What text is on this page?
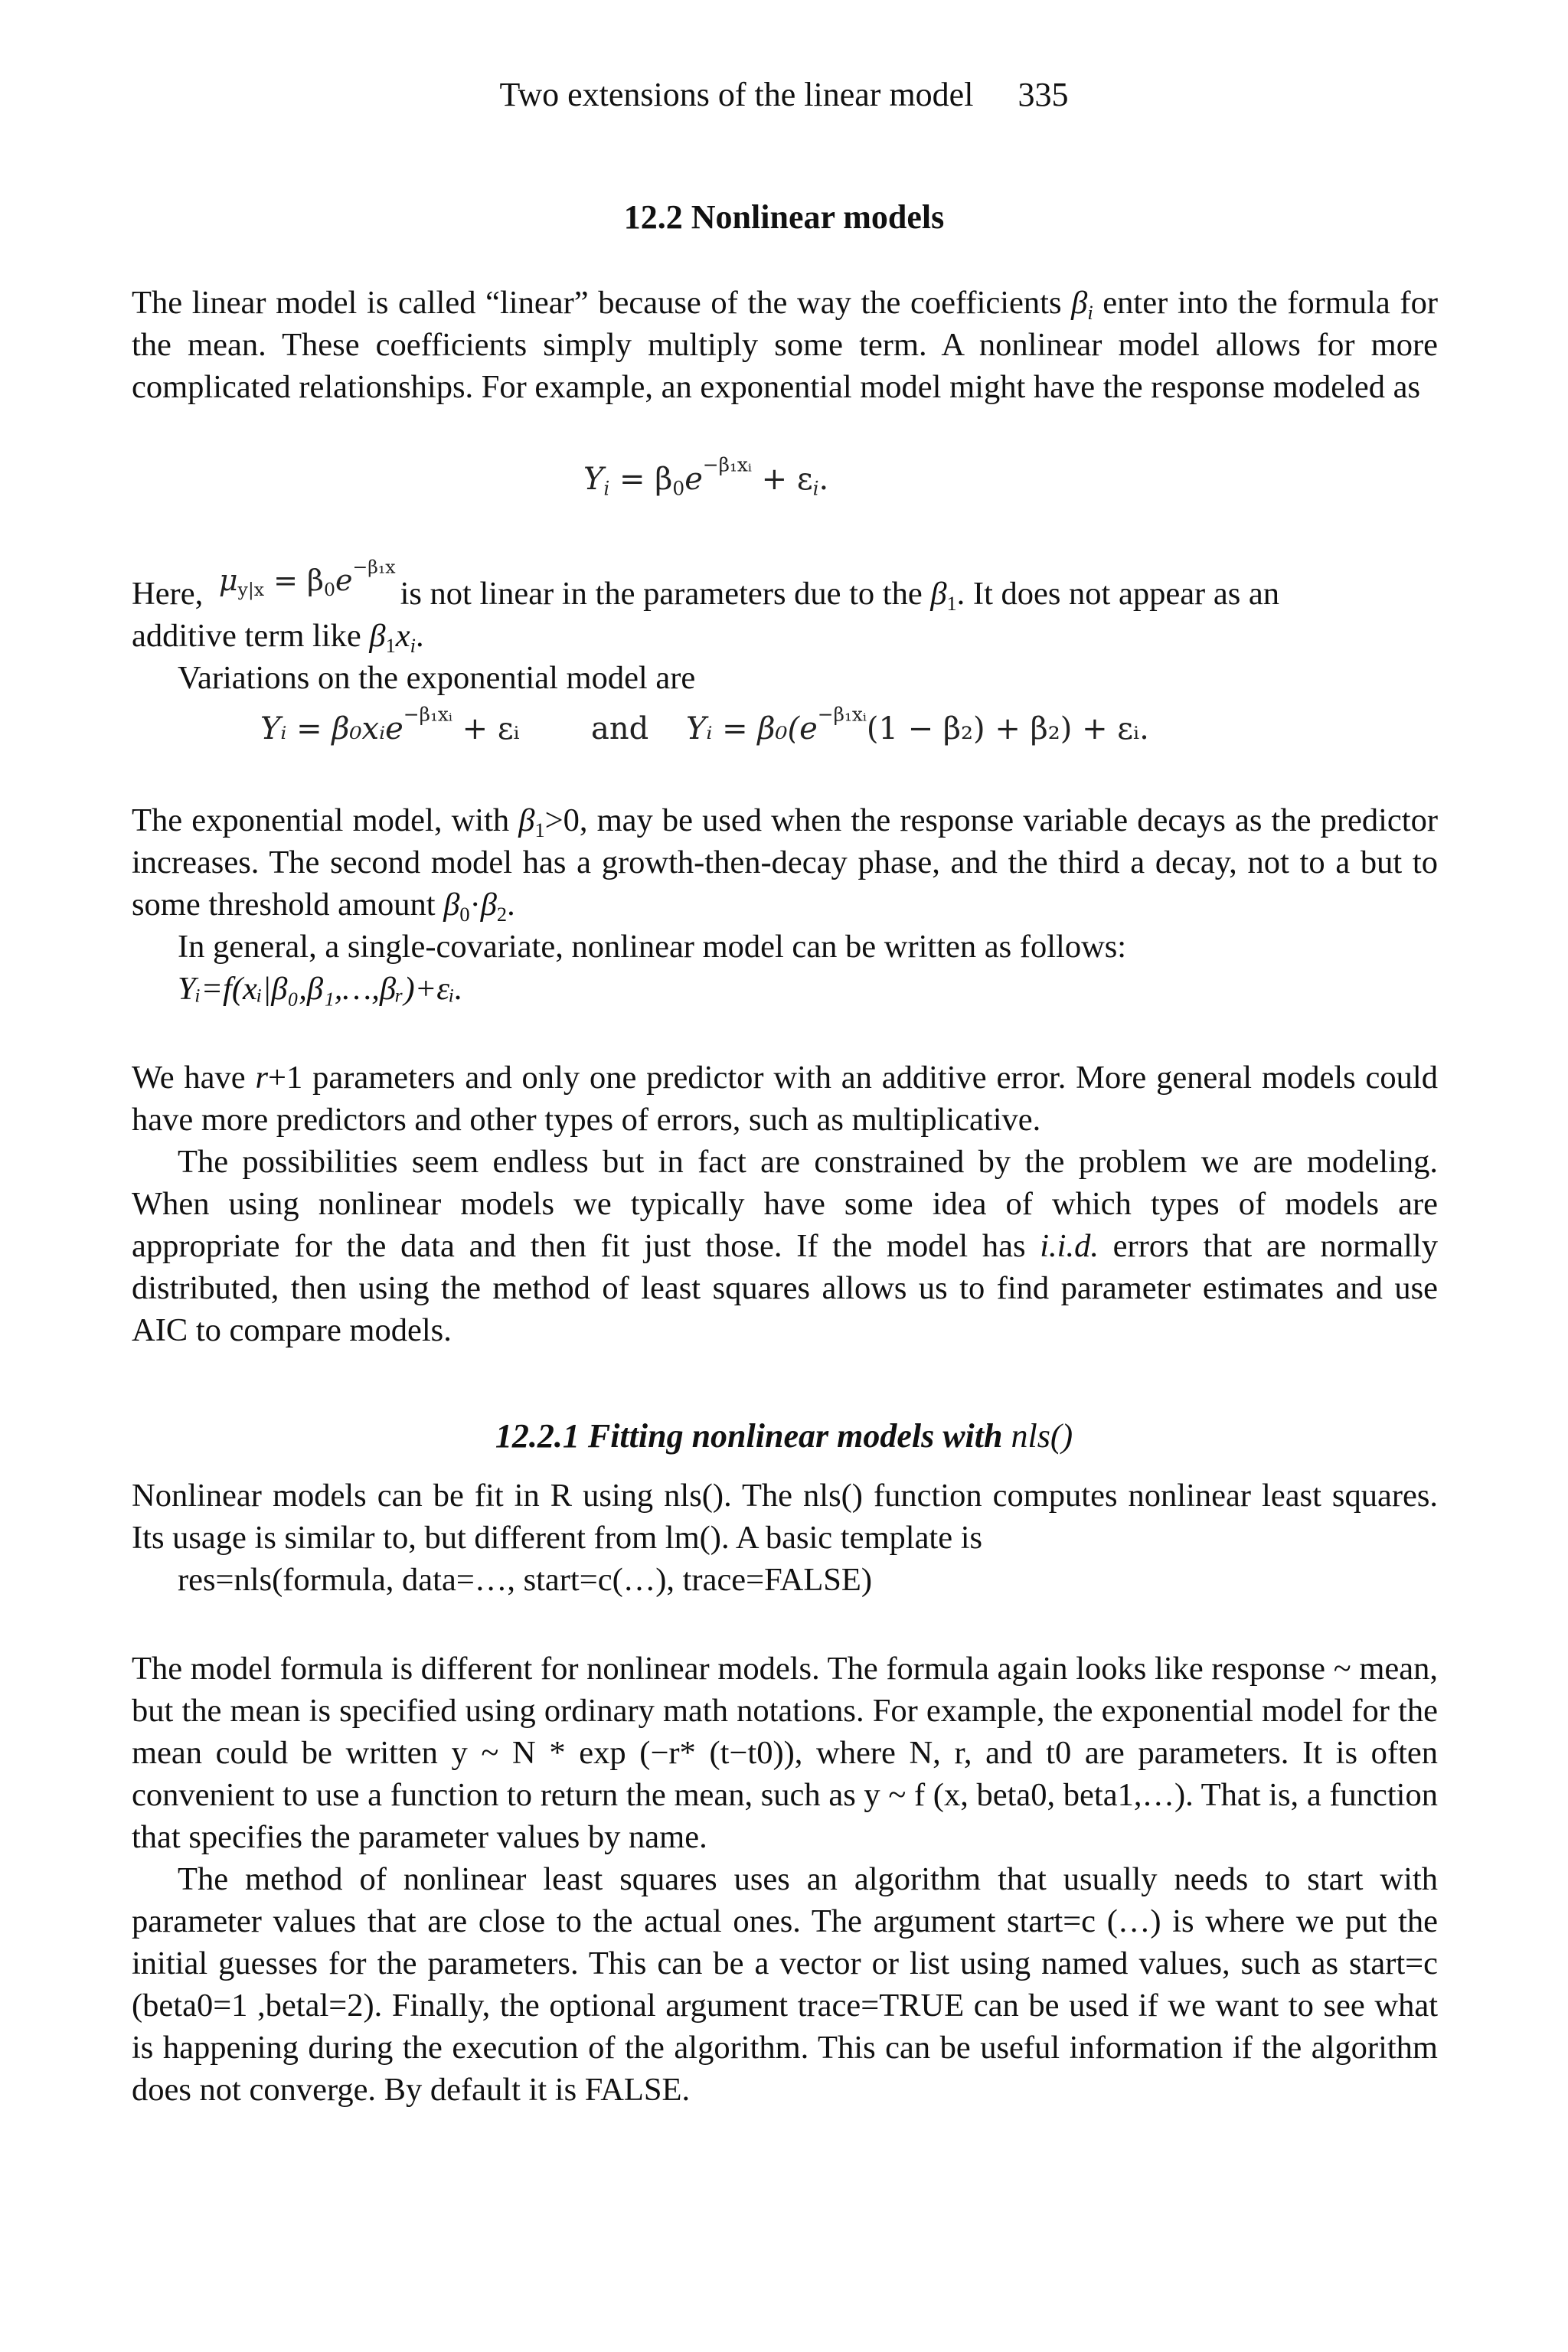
Two extensions of the linear model 335
12.2 Nonlinear models
The linear model is called “linear” because of the way the coefficients $\beta_i$ enter into the formula for the mean. These coefficients simply multiply some term. A nonlinear model allows for more complicated relationships. For example, an exponential model might have the response modeled as
$Y_i = \beta_0e^{-\beta_1xᵢ} + \varepsilon_i$.
Here, $\mu_{y|x} = \beta_0e^{-\beta_1x}is$ not linear in the parameters due to the $\beta_1$. It does not appear as an
additive term like $\beta_1x_i$.
Variations on the exponential model are
Yᵢ = β₀xᵢe$^{-\beta_1xᵢ}$ + εᵢ and Yᵢ = $\beta_0(e^{-\beta_1xᵢ}(1 - \beta_2) + \beta_2)$ + εᵢ.
The exponential model, with $\beta_1>0$, may be used when the response variable decays as the predictor increases. The second model has a growth-then-decay phase, and the third a decay, not to a but to some threshold amount $\beta_0\cdot\beta_2$.
In general, a single-covariate, nonlinear model can be written as follows:
Yᵢ=f(xᵢ|β₀,β₁,…,βᵣ)+εᵢ.
We have r+1 parameters and only one predictor with an additive error. More general models could have more predictors and other types of errors, such as multiplicative.
The possibilities seem endless but in fact are constrained by the problem we are modeling. When using nonlinear models we typically have some idea of which types of models are appropriate for the data and then fit just those. If the model has i.i.d. errors that are normally distributed, then using the method of least squares allows us to find parameter estimates and use AIC to compare models.
12.2.1 Fitting nonlinear models with nls()
Nonlinear models can be fit in R using nls(). The nls() function computes nonlinear least squares. Its usage is similar to, but different from lm(). A basic template is
res=nls(formula, data=…, start=c(…), trace=FALSE)
The model formula is different for nonlinear models. The formula again looks like response ~ mean, but the mean is specified using ordinary math notations. For example, the exponential model for the mean could be written y ~ N * exp (−r* (t−t0)), where N, r, and t0 are parameters. It is often convenient to use a function to return the mean, such as y ~ f (x, beta0, beta1,…). That is, a function that specifies the parameter values by name.
The method of nonlinear least squares uses an algorithm that usually needs to start with parameter values that are close to the actual ones. The argument start=c (…) is where we put the initial guesses for the parameters. This can be a vector or list using named values, such as start=c (beta0=1 ,betal=2). Finally, the optional argument trace=TRUE can be used if we want to see what is happening during the execution of the algorithm. This can be useful information if the algorithm does not converge. By default it is FALSE.
